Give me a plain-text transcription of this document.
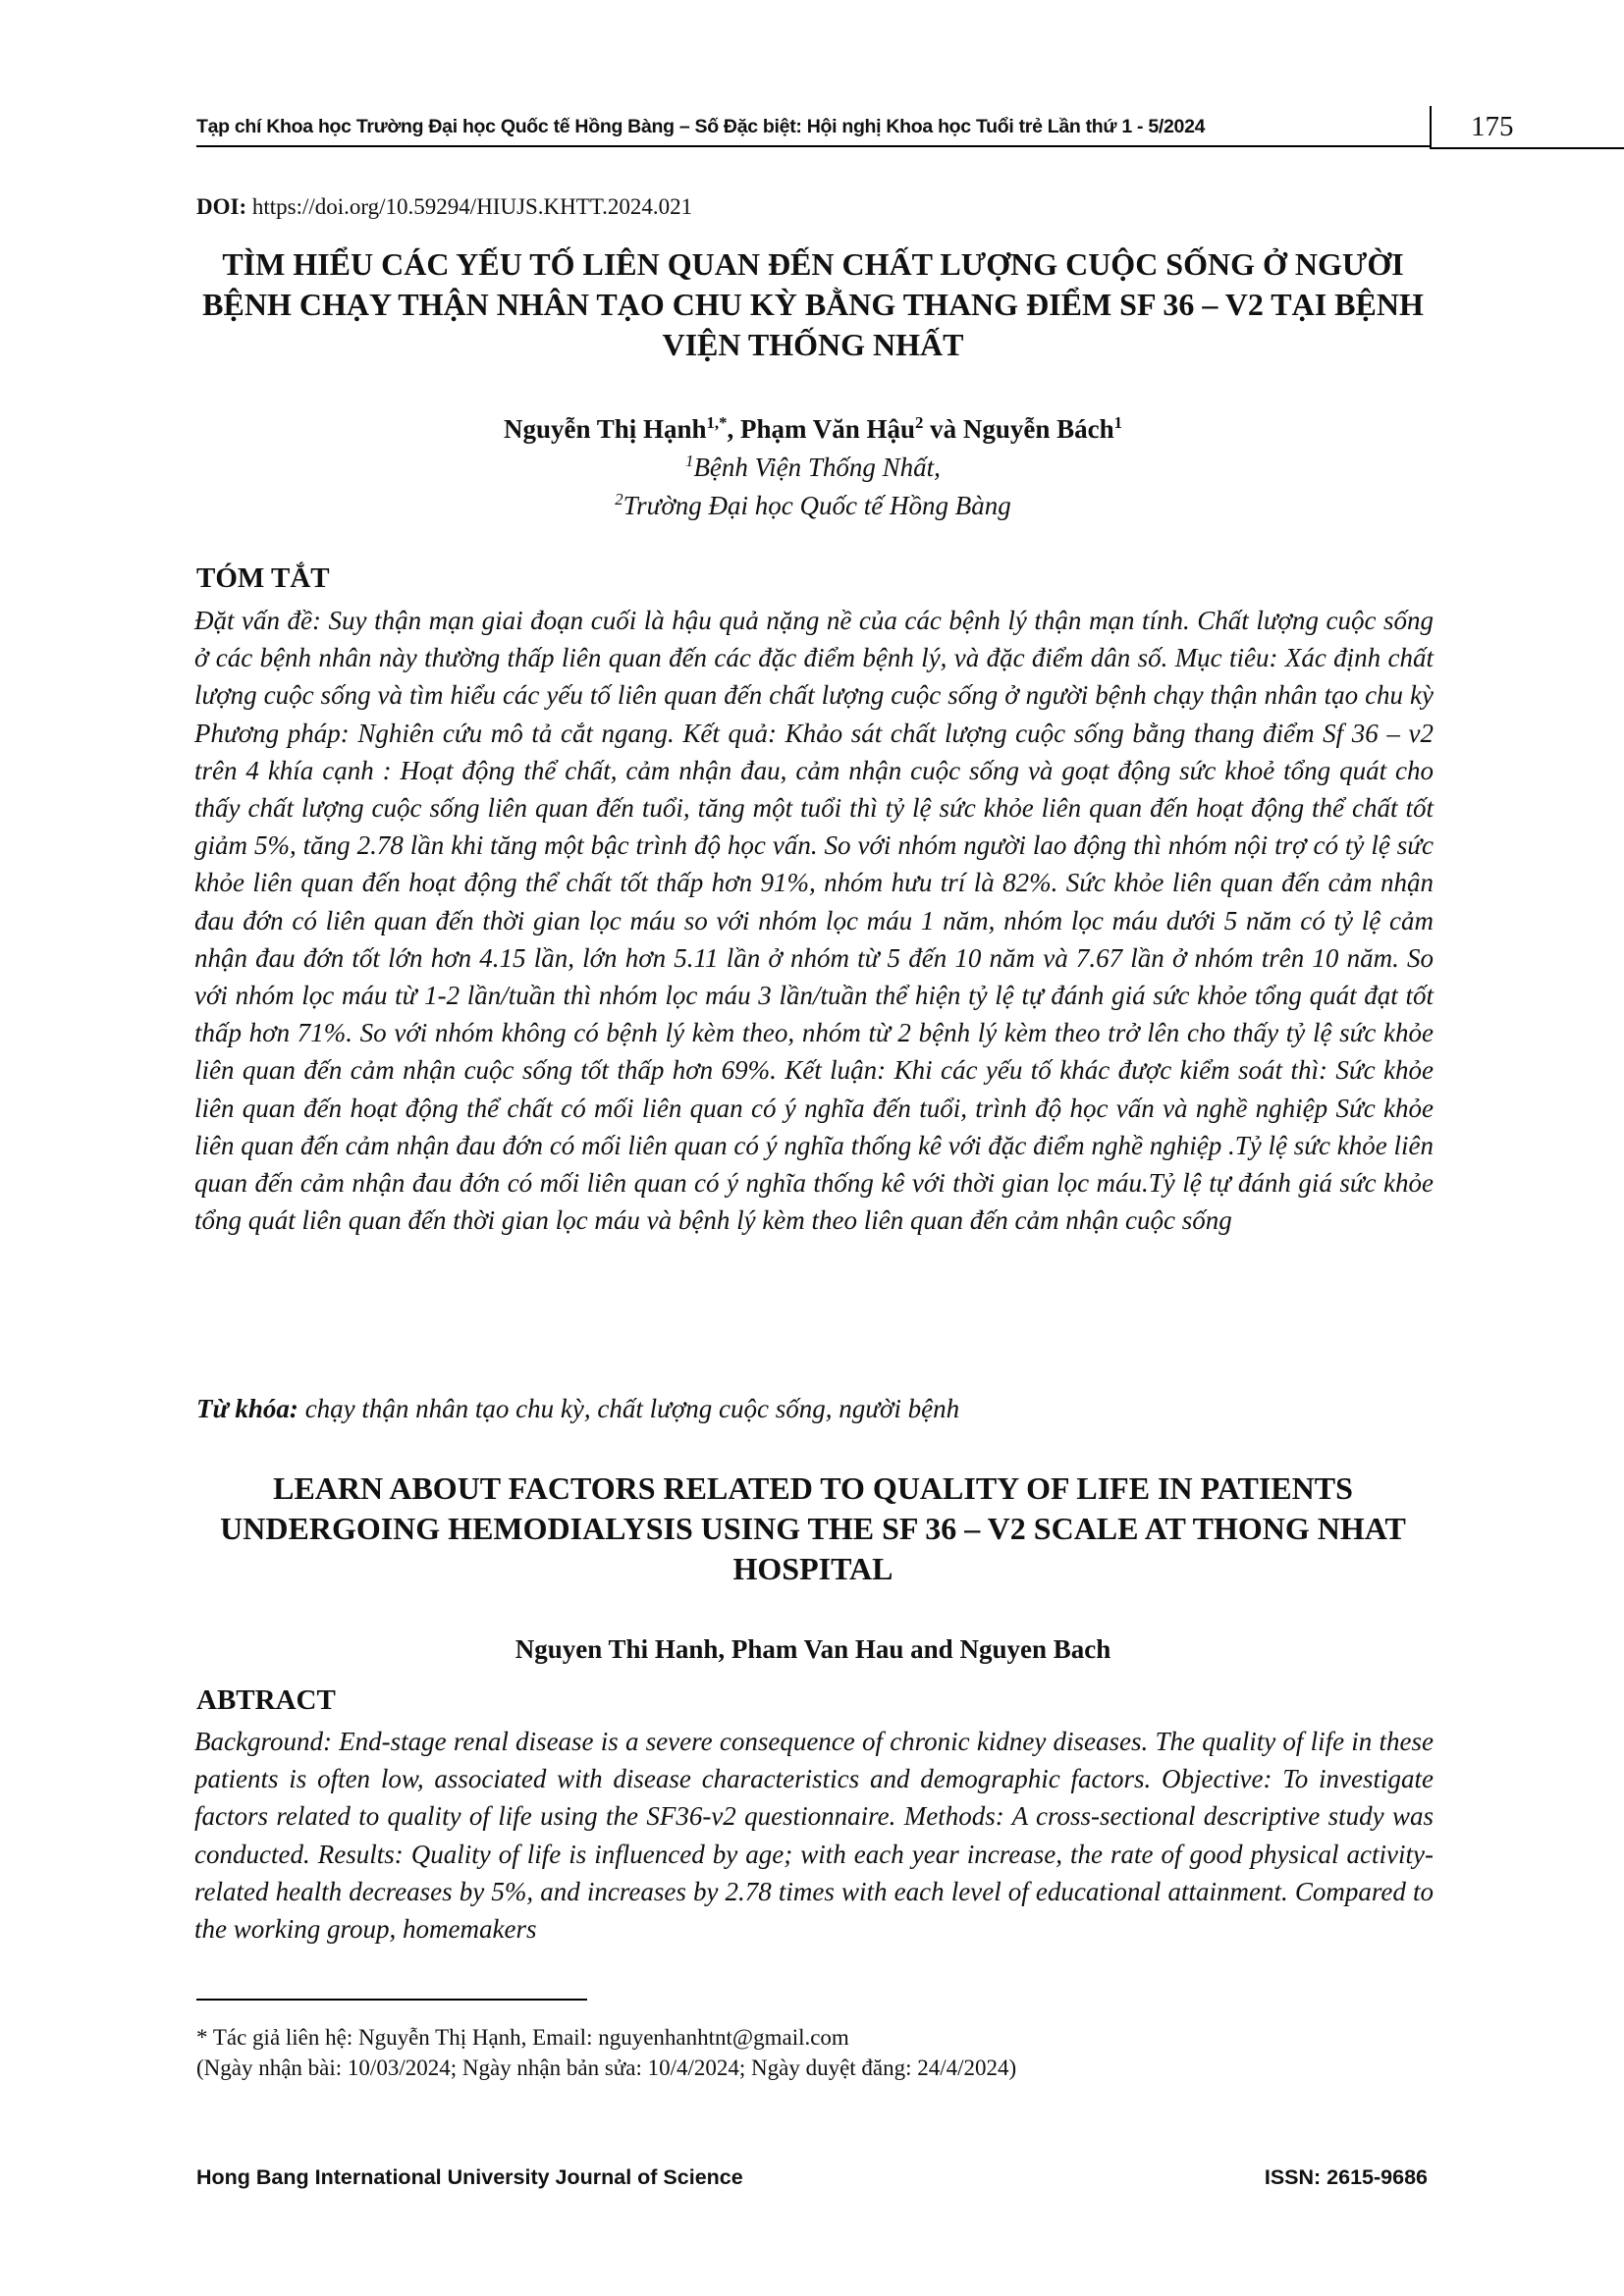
Tạp chí Khoa học Trường Đại học Quốc tế Hồng Bàng – Số Đặc biệt: Hội nghị Khoa học Tuổi trẻ Lần thứ 1 - 5/2024	175
DOI: https://doi.org/10.59294/HIUJS.KHTT.2024.021
TÌM HIỂU CÁC YẾU TỐ LIÊN QUAN ĐẾN CHẤT LƯỢNG CUỘC SỐNG Ở NGƯỜI BỆNH CHẠY THẬN NHÂN TẠO CHU KỲ BẰNG THANG ĐIỂM SF 36 – V2 TẠI BỆNH VIỆN THỐNG NHẤT
Nguyễn Thị Hạnh$^{1,*}$, Phạm Văn Hậu$^2$ và Nguyễn Bách$^1$
$^1$Bệnh Viện Thống Nhất,
$^2$Trường Đại học Quốc tế Hồng Bàng
TÓM TẮT

Đặt vấn đề: Suy thận mạn giai đoạn cuối là hậu quả nặng nề của các bệnh lý thận mạn tính. Chất lượng cuộc sống ở các bệnh nhân này thường thấp liên quan đến các đặc điểm bệnh lý, và đặc điểm dân số. Mục tiêu: Xác định chất lượng cuộc sống và tìm hiểu các yếu tố liên quan đến chất lượng cuộc sống ở người bệnh chạy thận nhân tạo chu kỳ Phương pháp: Nghiên cứu mô tả cắt ngang. Kết quả: Khảo sát chất lượng cuộc sống bằng thang điểm Sf 36 – v2 trên 4 khía cạnh : Hoạt động thể chất, cảm nhận đau, cảm nhận cuộc sống và goạt động sức khoẻ tổng quát cho thấy chất lượng cuộc sống liên quan đến tuổi, tăng một tuổi thì tỷ lệ sức khỏe liên quan đến hoạt động thể chất tốt giảm 5%, tăng 2.78 lần khi tăng một bậc trình độ học vấn. So với nhóm người lao động thì nhóm nội trợ có tỷ lệ sức khỏe liên quan đến hoạt động thể chất tốt thấp hơn 91%, nhóm hưu trí là 82%. Sức khỏe liên quan đến cảm nhận đau đớn có liên quan đến thời gian lọc máu so với nhóm lọc máu 1 năm, nhóm lọc máu dưới 5 năm có tỷ lệ cảm nhận đau đớn tốt lớn hơn 4.15 lần, lớn hơn 5.11 lần ở nhóm từ 5 đến 10 năm và 7.67 lần ở nhóm trên 10 năm. So với nhóm lọc máu từ 1-2 lần/tuần thì nhóm lọc máu 3 lần/tuần thể hiện tỷ lệ tự đánh giá sức khỏe tổng quát đạt tốt thấp hơn 71%. So với nhóm không có bệnh lý kèm theo, nhóm từ 2 bệnh lý kèm theo trở lên cho thấy tỷ lệ sức khỏe liên quan đến cảm nhận cuộc sống tốt thấp hơn 69%. Kết luận: Khi các yếu tố khác được kiểm soát thì: Sức khỏe liên quan đến hoạt động thể chất có mối liên quan có ý nghĩa đến tuổi, trình độ học vấn và nghề nghiệp Sức khỏe liên quan đến cảm nhận đau đớn có mối liên quan có ý nghĩa thống kê với đặc điểm nghề nghiệp .Tỷ lệ sức khỏe liên quan đến cảm nhận đau đớn có mối liên quan có ý nghĩa thống kê với thời gian lọc máu.Tỷ lệ tự đánh giá sức khỏe tổng quát liên quan đến thời gian lọc máu và bệnh lý kèm theo liên quan đến cảm nhận cuộc sống

Từ khóa: chạy thận nhân tạo chu kỳ, chất lượng cuộc sống, người bệnh
LEARN ABOUT FACTORS RELATED TO QUALITY OF LIFE IN PATIENTS UNDERGOING HEMODIALYSIS USING THE SF 36 – V2 SCALE AT THONG NHAT HOSPITAL
Nguyen Thi Hanh, Pham Van Hau and Nguyen Bach
ABTRACT

Background: End-stage renal disease is a severe consequence of chronic kidney diseases. The quality of life in these patients is often low, associated with disease characteristics and demographic factors. Objective: To investigate factors related to quality of life using the SF36-v2 questionnaire. Methods: A cross-sectional descriptive study was conducted. Results: Quality of life is influenced by age; with each year increase, the rate of good physical activity-related health decreases by 5%, and increases by 2.78 times with each level of educational attainment. Compared to the working group, homemakers

* Tác giả liên hệ: Nguyễn Thị Hạnh, Email: nguyenhanhtnt@gmail.com
(Ngày nhận bài: 10/03/2024; Ngày nhận bản sửa: 10/4/2024; Ngày duyệt đăng: 24/4/2024)
Hong Bang International University Journal of Science	ISSN: 2615-9686
